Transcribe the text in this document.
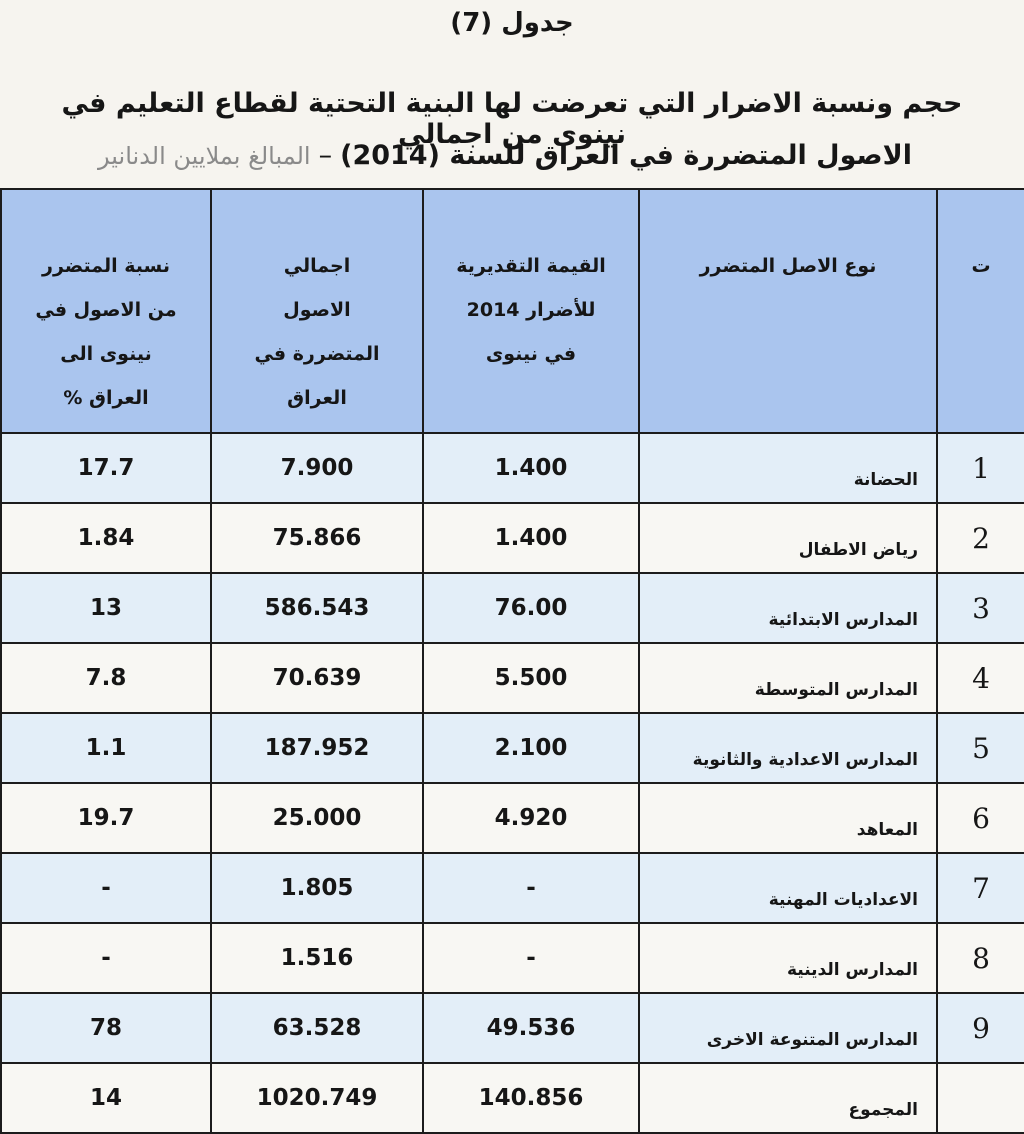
جدول (7)
حجم ونسبة الاضرار التي تعرضت لها البنية التحتية لقطاع التعليم في نينوى من اجمالي
الاصول المتضررة في العراق للسنة (2014)–المبالغ بملايين الدنانير
ت	نوع الاصل المتضرر	القيمة التقديرية للأضرار 2014 في نينوى	اجمالي الاصول المتضررة في العراق	نسبة المتضرر من الاصول في نينوى الى العراق %
1	الحضانة	1.400	7.900	17.7
2	رياض الاطفال	1.400	75.866	1.84
3	المدارس الابتدائية	76.00	586.543	13
4	المدارس المتوسطة	5.500	70.639	7.8
5	المدارس الاعدادية والثانوية	2.100	187.952	1.1
6	المعاهد	4.920	25.000	19.7
7	الاعداديات المهنية	-	1.805	-
8	المدارس الدينية	-	1.516	-
9	المدارس المتنوعة الاخرى	49.536	63.528	78
	المجموع	140.856	1020.749	14
